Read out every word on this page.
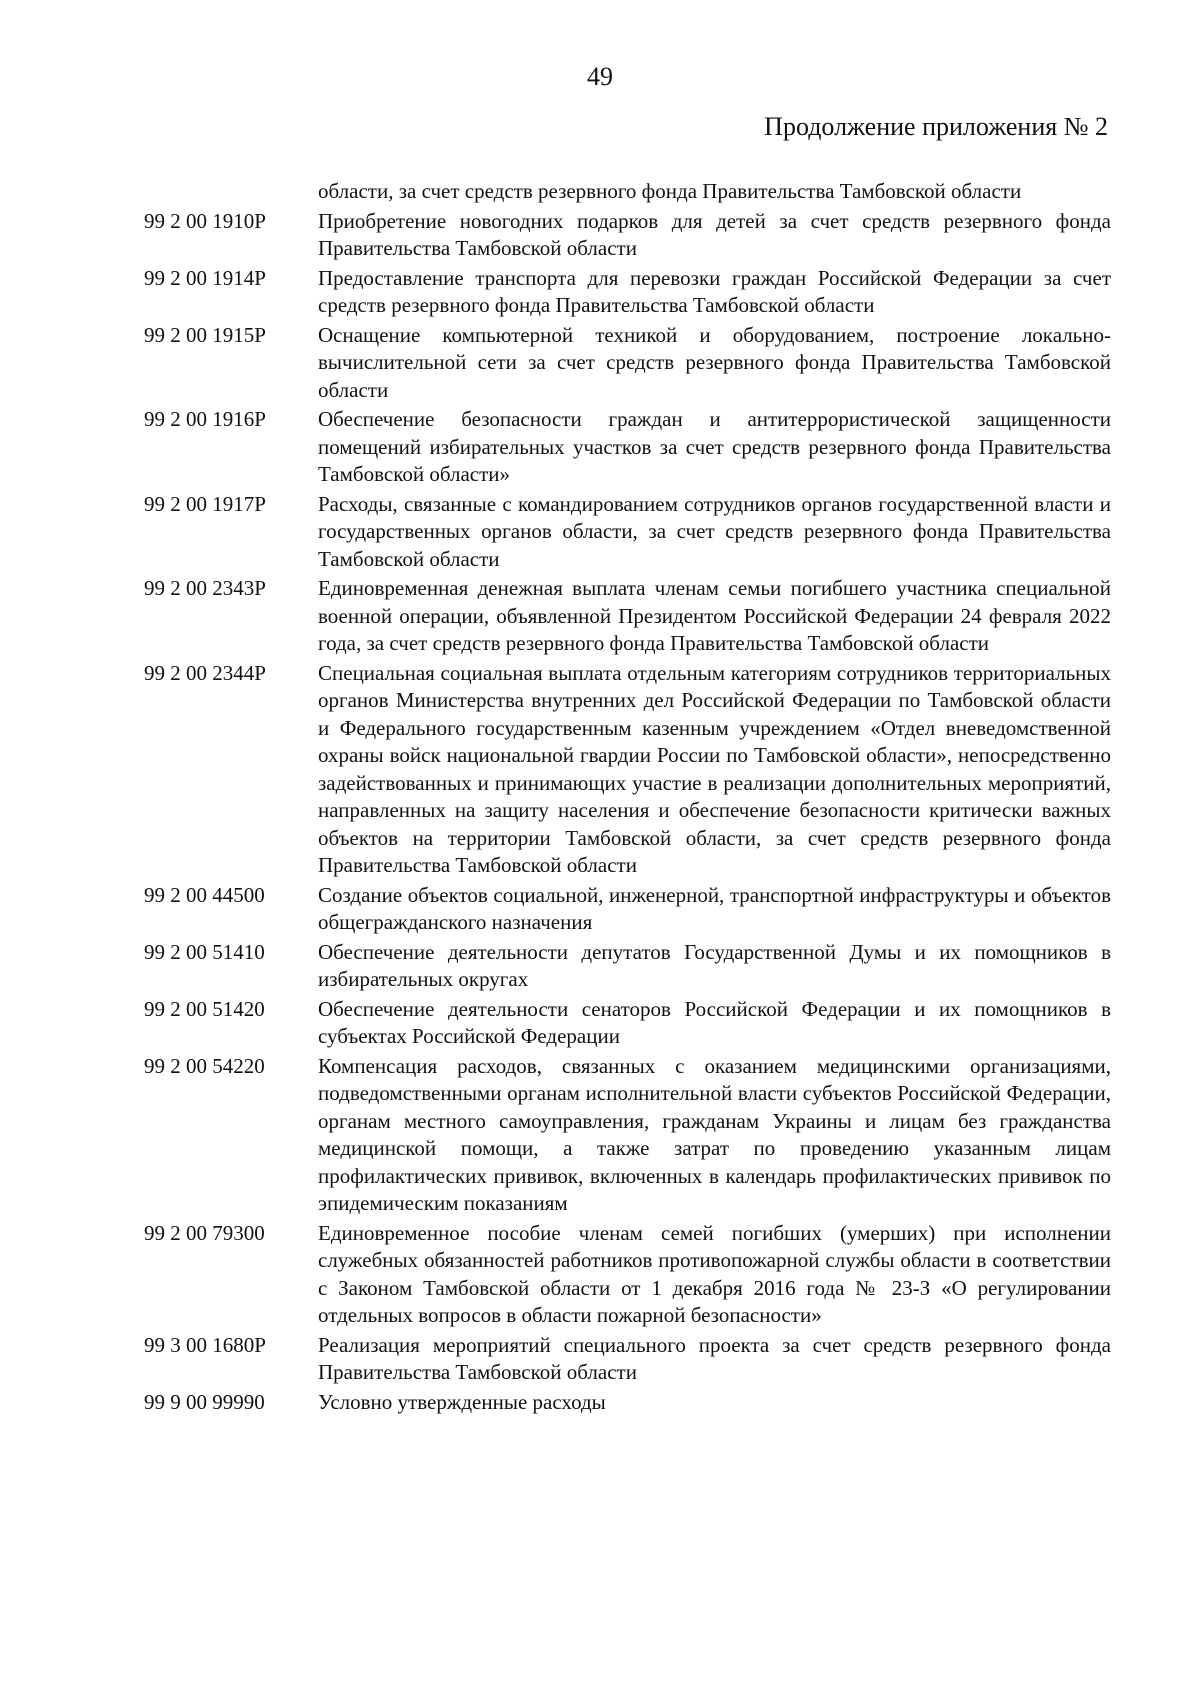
49
Продолжение приложения № 2
области, за счет средств резервного фонда Правительства Тамбовской области
99 2 00 1910Р	Приобретение новогодних подарков для детей за счет средств резервного фонда Правительства Тамбовской области
99 2 00 1914Р	Предоставление транспорта для перевозки граждан Российской Федерации за счет средств резервного фонда Правительства Тамбовской области
99 2 00 1915Р	Оснащение компьютерной техникой и оборудованием, построение локально-вычислительной сети за счет средств резервного фонда Правительства Тамбовской области
99 2 00 1916Р	Обеспечение безопасности граждан и антитеррористической защищенности помещений избирательных участков за счет средств резервного фонда Правительства Тамбовской области»
99 2 00 1917Р	Расходы, связанные с командированием сотрудников органов государственной власти и государственных органов области, за счет средств резервного фонда Правительства Тамбовской области
99 2 00 2343Р	Единовременная денежная выплата членам семьи погибшего участника специальной военной операции, объявленной Президентом Российской Федерации 24 февраля 2022 года, за счет средств резервного фонда Правительства Тамбовской области
99 2 00 2344Р	Специальная социальная выплата отдельным категориям сотрудников территориальных органов Министерства внутренних дел Российской Федерации по Тамбовской области и Федерального государственным казенным учреждением «Отдел вневедомственной охраны войск национальной гвардии России по Тамбовской области», непосредственно задействованных и принимающих участие в реализации дополнительных мероприятий, направленных на защиту населения и обеспечение безопасности критически важных объектов на территории Тамбовской области, за счет средств резервного фонда Правительства Тамбовской области
99 2 00 44500	Создание объектов социальной, инженерной, транспортной инфраструктуры и объектов общегражданского назначения
99 2 00 51410	Обеспечение деятельности депутатов Государственной Думы и их помощников в избирательных округах
99 2 00 51420	Обеспечение деятельности сенаторов Российской Федерации и их помощников в субъектах Российской Федерации
99 2 00 54220	Компенсация расходов, связанных с оказанием медицинскими организациями, подведомственными органам исполнительной власти субъектов Российской Федерации, органам местного самоуправления, гражданам Украины и лицам без гражданства медицинской помощи, а также затрат по проведению указанным лицам профилактических прививок, включенных в календарь профилактических прививок по эпидемическим показаниям
99 2 00 79300	Единовременное пособие членам семей погибших (умерших) при исполнении служебных обязанностей работников противопожарной службы области в соответствии с Законом Тамбовской области от 1 декабря 2016 года № 23-З «О регулировании отдельных вопросов в области пожарной безопасности»
99 3 00 1680Р	Реализация мероприятий специального проекта за счет средств резервного фонда Правительства Тамбовской области
99 9 00 99990	Условно утвержденные расходы
